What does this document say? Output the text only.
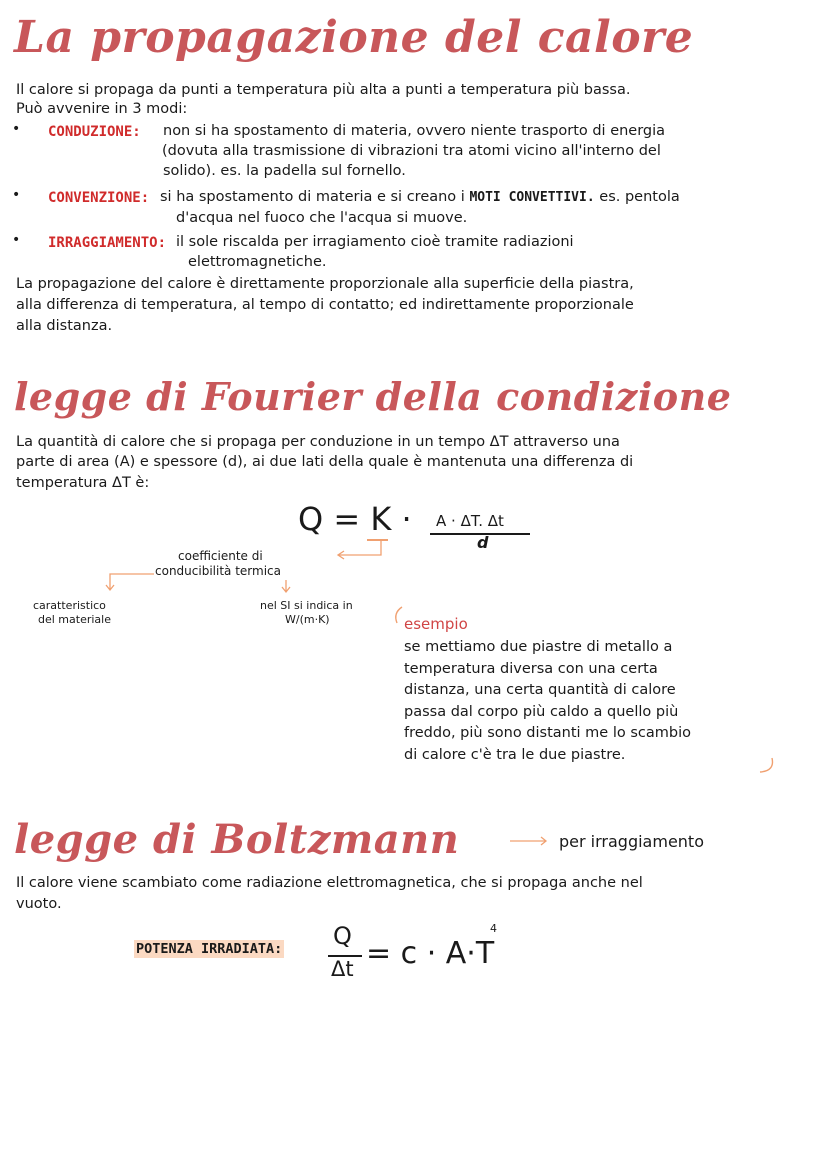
La propagazione del calore
Il calore si propaga da punti a temperatura più alta a punti a temperatura più bassa.
Può avvenire in 3 modi:
• CONDUZIONE: non si ha spostamento di materia, ovvero niente trasporto di energia
(dovuta alla trasmissione di vibrazioni tra atomi vicino all'interno del
solido). es. la padella sul fornello.
• CONVENZIONE: si ha spostamento di materia e si creano i MOTI CONVETTIVI. es. pentola
d'acqua nel fuoco che l'acqua si muove.
• IRRAGGIAMENTO: il sole riscalda per irragiamento cioè tramite radiazioni
elettromagnetiche.
La propagazione del calore è direttamente proporzionale alla superficie della piastra,
alla differenza di temperatura, al tempo di contatto; ed indirettamente proporzionale
alla distanza.
legge di Fourier della condizione
La quantità di calore che si propaga per conduzione in un tempo ΔT attraverso una
parte di area (A) e spessore (d), ai due lati della quale è mantenuta una differenza di
temperatura ΔT è:
Q = K · A · ΔT. Δt
d
coefficiente di
conducibilità termica
caratteristico
del materiale
nel SI si indica in
W/(m·K)	esempio
se mettiamo due piastre di metallo a
temperatura diversa con una certa
distanza, una certa quantità di calore
passa dal corpo più caldo a quello più
freddo, più sono distanti me lo scambio
di calore c'è tra le due piastre.
legge di Boltzmann	per irraggiamento
Il calore viene scambiato come radiazione elettromagnetica, che si propaga anche nel
vuoto.
POTENZA IRRADIATA: Q
Δt = c · A·T
4
